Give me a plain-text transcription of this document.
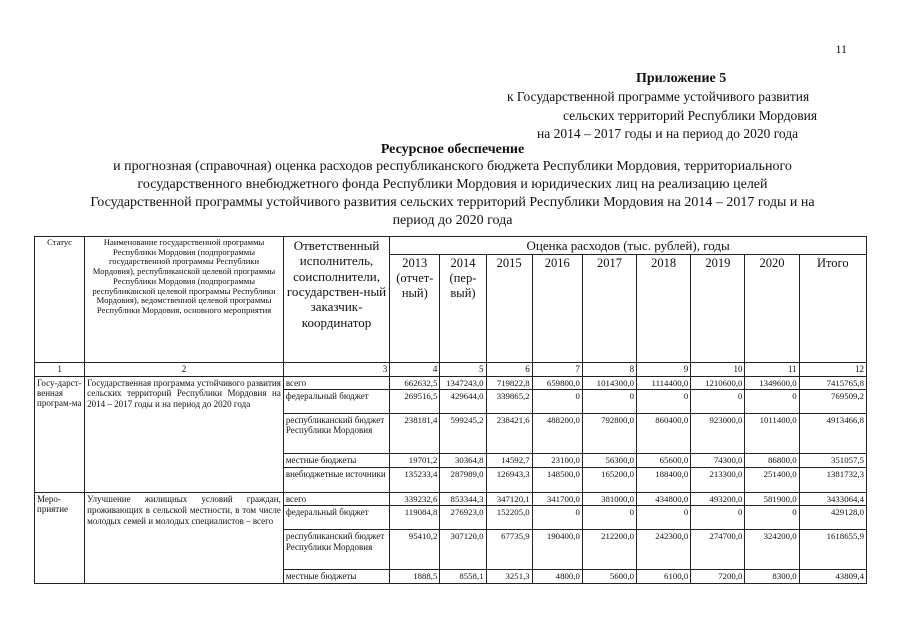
11
Приложение 5
к Государственной программе устойчивого развития
сельских территорий Республики Мордовия
на 2014 – 2017 годы и на период до 2020 года
Ресурсное обеспечение
и прогнозная (справочная) оценка расходов республиканского бюджета Республики Мордовия, территориального
государственного внебюджетного фонда Республики Мордовия и юридических лиц на реализацию целей
Государственной программы устойчивого развития сельских территорий Республики Мордовия на 2014 – 2017 годы и на
период до 2020 года
Статус	Наименование государственной программы Республики Мордовия (подпрограммы государственной программы Республики Мордовия), республиканской целевой программы Республики Мордовия (подпрограммы республиканской целевой программы Республики Мордовия), ведомственной целевой программы Республики Мордовия, основного мероприятия	Ответственный исполнитель, соисполнители, государствен-ный заказчик-координатор	Оценка расходов (тыс. рублей), годы								
			2013 (отчет-ный)	2014 (пер-вый)	2015	2016	2017	2018	2019	2020	Итого
1	2	3	4	5	6	7	8	9	10	11	12
Госу-дарст-венная програм-ма	Государственная программа устойчивого развития сельских территорий Республики Мордовия на 2014 – 2017 годы и на период до 2020 года	всего	662632,5	1347243,0	719822,8	659800,0	1014300,0	1114400,0	1210600,0	1349600,0	7415765,8
		федеральный бюджет	269516,5	429644,0	339865,2	0	0	0	0	0	769509,2
		республиканский бюджет Республики Мордовия	238181,4	599245,2	238421,6	488200,0	792800,0	860400,0	923000,0	1011400,0	4913466,8
		местные бюджеты	19701,2	30364,8	14592,7	23100,0	56300,0	65600,0	74300,0	86800,0	351057,5
		внебюджетные источники	135233,4	287989,0	126943,3	148500,0	165200,0	188400,0	213300,0	251400,0	1381732,3
Меро-приятие	Улучшение жилищных условий граждан, проживающих в сельской местности, в том числе молодых семей и молодых специалистов – всего	всего	339232,6	853344,3	347120,1	341700,0	381000,0	434800,0	493200,0	581900,0	3433064,4
		федеральный бюджет	119084,8	276923,0	152205,0	0	0	0	0	0	429128,0
		республиканский бюджет Республики Мордовия	95410,2	307120,0	67735,9	190400,0	212200,0	242300,0	274700,0	324200,0	1618655,9
		местные бюджеты	1888,5	8558,1	3251,3	4800,0	5600,0	6100,0	7200,0	8300,0	43809,4
